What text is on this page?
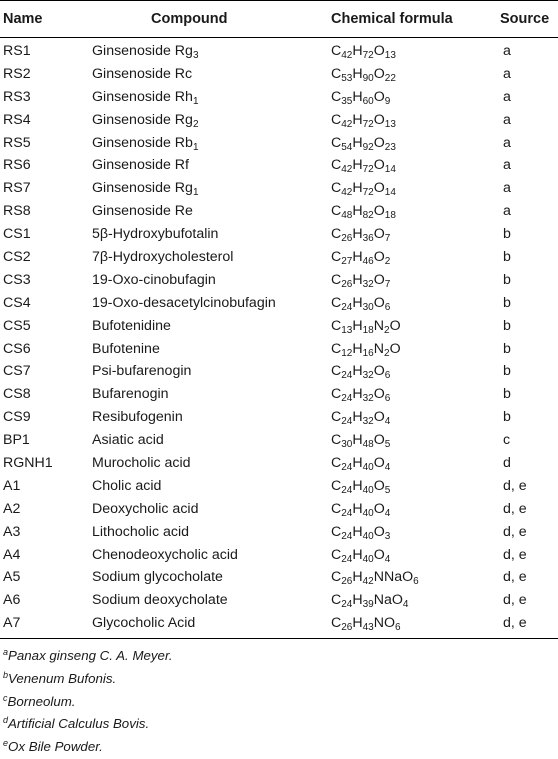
Name	Compound	Chemical formula	Source
RS1	Ginsenoside $Rg_3$	$C_{42}H_{72}O_{13}$	a
RS2	Ginsenoside Rc	$C_{53}H_{90}O_{22}$	a
RS3	Ginsenoside $Rh_1$	$C_{35}H_{60}O_9$	a
RS4	Ginsenoside $Rg_2$	$C_{42}H_{72}O_{13}$	a
RS5	Ginsenoside $Rb_1$	$C_{54}H_{92}O_{23}$	a
RS6	Ginsenoside Rf	$C_{42}H_{72}O_{14}$	a
RS7	Ginsenoside $Rg_1$	$C_{42}H_{72}O_{14}$	a
RS8	Ginsenoside Re	$C_{48}H_{82}O_{18}$	a
CS1	5β-Hydroxybufotalin	$C_{26}H_{36}O_7$	b
CS2	7β-Hydroxycholesterol	$C_{27}H_{46}O_2$	b
CS3	19-Oxo-cinobufagin	$C_{26}H_{32}O_7$	b
CS4	19-Oxo-desacetylcinobufagin	$C_{24}H_{30}O_6$	b
CS5	Bufotenidine	$C_{13}H_{18}N_2O$	b
CS6	Bufotenine	$C_{12}H_{16}N_2O$	b
CS7	Psi-bufarenogin	$C_{24}H_{32}O_6$	b
CS8	Bufarenogin	$C_{24}H_{32}O_6$	b
CS9	Resibufogenin	$C_{24}H_{32}O_4$	b
BP1	Asiatic acid	$C_{30}H_{48}O_5$	c
RGNH1	Murocholic acid	$C_{24}H_{40}O_4$	d
A1	Cholic acid	$C_{24}H_{40}O_5$	d, e
A2	Deoxycholic acid	$C_{24}H_{40}O_4$	d, e
A3	Lithocholic acid	$C_{24}H_{40}O_3$	d, e
A4	Chenodeoxycholic acid	$C_{24}H_{40}O_4$	d, e
A5	Sodium glycocholate	$C_{26}H_{42}NNaO_6$	d, e
A6	Sodium deoxycholate	$C_{24}H_{39}NaO_4$	d, e
A7	Glycocholic Acid	$C_{26}H_{43}NO_6$	d, e
$^a$Panax ginseng C. A. Meyer.
$^b$Venenum Bufonis.
$^c$Borneolum.
$^d$Artificial Calculus Bovis.
$^e$Ox Bile Powder.
